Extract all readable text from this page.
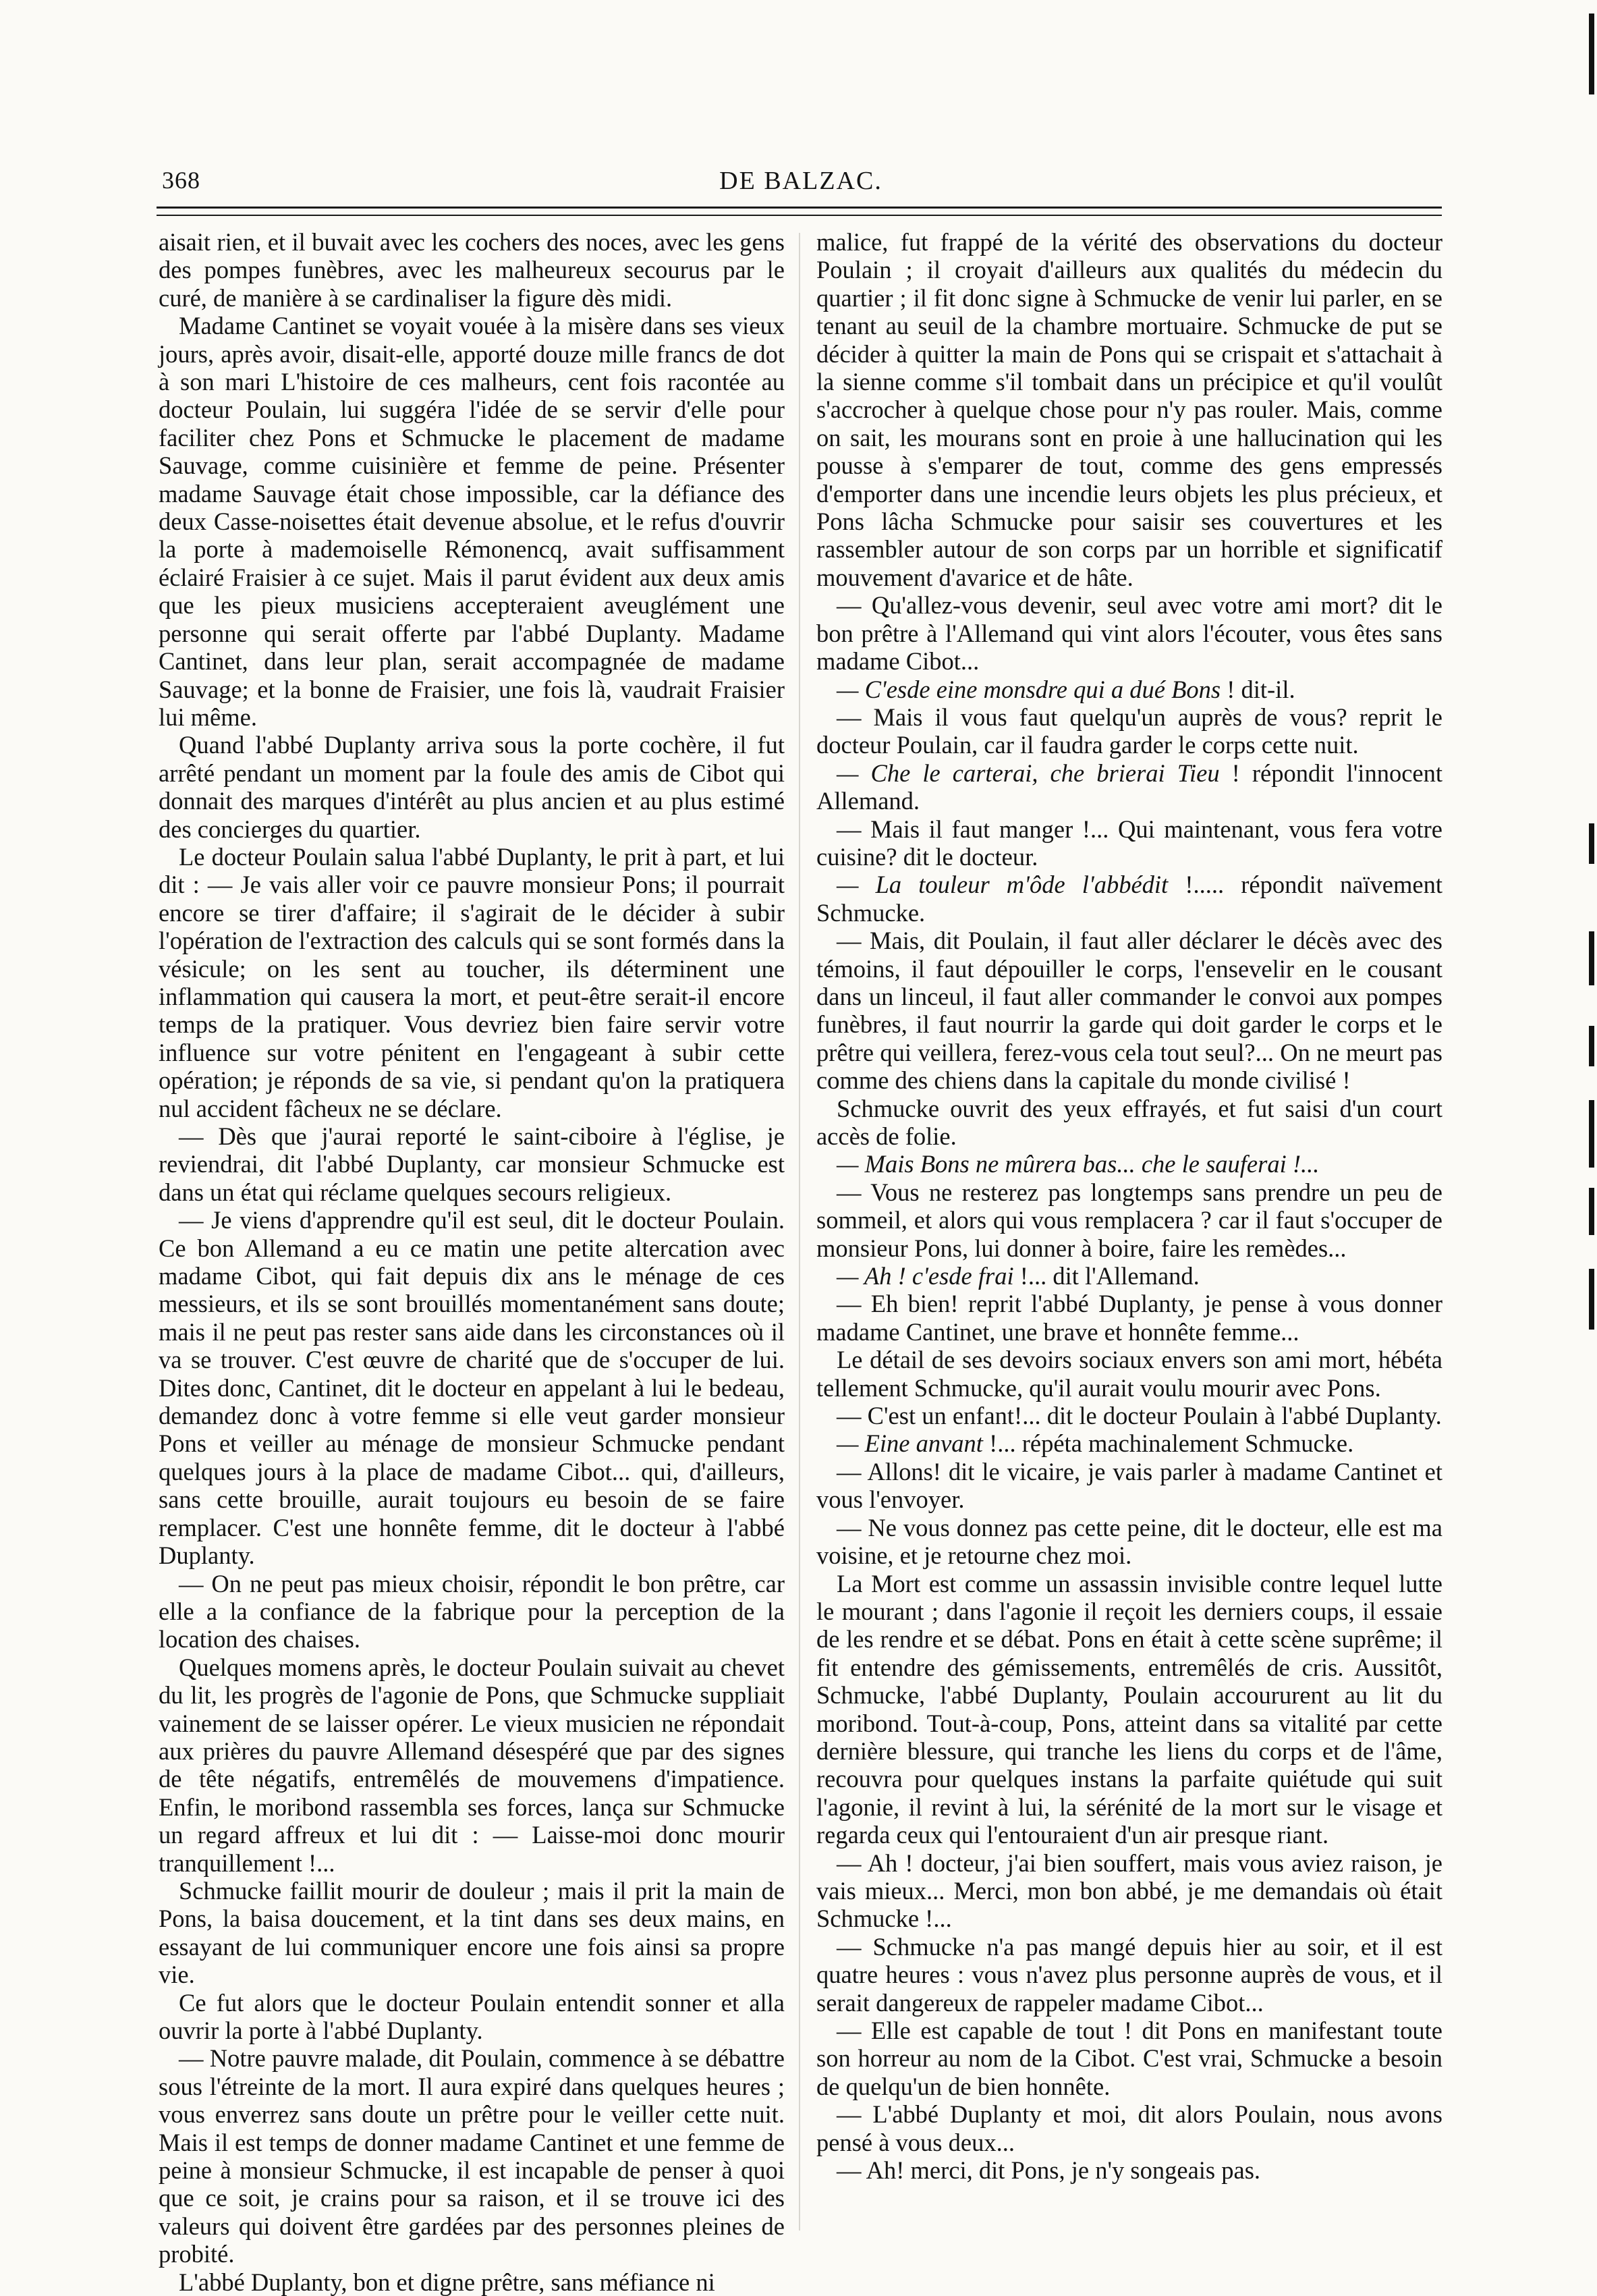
368	DE BALZAC.

aisait rien, et il buvait avec les cochers des noces, avec les gens des pompes funèbres, avec les malheureux secourus par le curé, de manière à se cardinaliser la figure dès midi.

Madame Cantinet se voyait vouée à la misère dans ses vieux jours, après avoir, disait-elle, apporté douze mille francs de dot à son mari L'histoire de ces malheurs, cent fois racontée au docteur Poulain, lui suggéra l'idée de se servir d'elle pour faciliter chez Pons et Schmucke le placement de madame Sauvage, comme cuisinière et femme de peine. Présenter madame Sauvage était chose impossible, car la défiance des deux Casse-noisettes était devenue absolue, et le refus d'ouvrir la porte à mademoiselle Rémonencq, avait suffisamment éclairé Fraisier à ce sujet. Mais il parut évident aux deux amis que les pieux musiciens accepteraient aveuglément une personne qui serait offerte par l'abbé Duplanty. Madame Cantinet, dans leur plan, serait accompagnée de madame Sauvage; et la bonne de Fraisier, une fois là, vaudrait Fraisier lui même.

Quand l'abbé Duplanty arriva sous la porte cochère, il fut arrêté pendant un moment par la foule des amis de Cibot qui donnait des marques d'intérêt au plus ancien et au plus estimé des concierges du quartier.

Le docteur Poulain salua l'abbé Duplanty, le prit à part, et lui dit : — Je vais aller voir ce pauvre monsieur Pons; il pourrait encore se tirer d'affaire; il s'agirait de le décider à subir l'opération de l'extraction des calculs qui se sont formés dans la vésicule; on les sent au toucher, ils déterminent une inflammation qui causera la mort, et peut-être serait-il encore temps de la pratiquer. Vous devriez bien faire servir votre influence sur votre pénitent en l'engageant à subir cette opération; je réponds de sa vie, si pendant qu'on la pratiquera nul accident fâcheux ne se déclare.

— Dès que j'aurai reporté le saint-ciboire à l'église, je reviendrai, dit l'abbé Duplanty, car monsieur Schmucke est dans un état qui réclame quelques secours religieux.

— Je viens d'apprendre qu'il est seul, dit le docteur Poulain. Ce bon Allemand a eu ce matin une petite altercation avec madame Cibot, qui fait depuis dix ans le ménage de ces messieurs, et ils se sont brouillés momentanément sans doute; mais il ne peut pas rester sans aide dans les circonstances où il va se trouver. C'est œuvre de charité que de s'occuper de lui. Dites donc, Cantinet, dit le docteur en appelant à lui le bedeau, demandez donc à votre femme si elle veut garder monsieur Pons et veiller au ménage de monsieur Schmucke pendant quelques jours à la place de madame Cibot... qui, d'ailleurs, sans cette brouille, aurait toujours eu besoin de se faire remplacer. C'est une honnête femme, dit le docteur à l'abbé Duplanty.

— On ne peut pas mieux choisir, répondit le bon prêtre, car elle a la confiance de la fabrique pour la perception de la location des chaises.

Quelques momens après, le docteur Poulain suivait au chevet du lit, les progrès de l'agonie de Pons, que Schmucke suppliait vainement de se laisser opérer. Le vieux musicien ne répondait aux prières du pauvre Allemand désespéré que par des signes de tête négatifs, entremêlés de mouvemens d'impatience. Enfin, le moribond rassembla ses forces, lança sur Schmucke un regard affreux et lui dit : — Laisse-moi donc mourir tranquillement !...

Schmucke faillit mourir de douleur ; mais il prit la main de Pons, la baisa doucement, et la tint dans ses deux mains, en essayant de lui communiquer encore une fois ainsi sa propre vie.

Ce fut alors que le docteur Poulain entendit sonner et alla ouvrir la porte à l'abbé Duplanty.

— Notre pauvre malade, dit Poulain, commence à se débattre sous l'étreinte de la mort. Il aura expiré dans quelques heures ; vous enverrez sans doute un prêtre pour le veiller cette nuit. Mais il est temps de donner madame Cantinet et une femme de peine à monsieur Schmucke, il est incapable de penser à quoi que ce soit, je crains pour sa raison, et il se trouve ici des valeurs qui doivent être gardées par des personnes pleines de probité.

L'abbé Duplanty, bon et digne prêtre, sans méfiance ni

malice, fut frappé de la vérité des observations du docteur Poulain ; il croyait d'ailleurs aux qualités du médecin du quartier ; il fit donc signe à Schmucke de venir lui parler, en se tenant au seuil de la chambre mortuaire. Schmucke de put se décider à quitter la main de Pons qui se crispait et s'attachait à la sienne comme s'il tombait dans un précipice et qu'il voulût s'accrocher à quelque chose pour n'y pas rouler. Mais, comme on sait, les mourans sont en proie à une hallucination qui les pousse à s'emparer de tout, comme des gens empressés d'emporter dans une incendie leurs objets les plus précieux, et Pons lâcha Schmucke pour saisir ses couvertures et les rassembler autour de son corps par un horrible et significatif mouvement d'avarice et de hâte.

— Qu'allez-vous devenir, seul avec votre ami mort? dit le bon prêtre à l'Allemand qui vint alors l'écouter, vous êtes sans madame Cibot...

— C'esde eine monsdre qui a dué Bons ! dit-il.

— Mais il vous faut quelqu'un auprès de vous? reprit le docteur Poulain, car il faudra garder le corps cette nuit.

— Che le carterai, che brierai Tieu ! répondit l'innocent Allemand.

— Mais il faut manger !... Qui maintenant, vous fera votre cuisine? dit le docteur.

— La touleur m'ôde l'abbédit !..... répondit naïvement Schmucke.

— Mais, dit Poulain, il faut aller déclarer le décès avec des témoins, il faut dépouiller le corps, l'ensevelir en le cousant dans un linceul, il faut aller commander le convoi aux pompes funèbres, il faut nourrir la garde qui doit garder le corps et le prêtre qui veillera, ferez-vous cela tout seul?... On ne meurt pas comme des chiens dans la capitale du monde civilisé !

Schmucke ouvrit des yeux effrayés, et fut saisi d'un court accès de folie.

— Mais Bons ne mûrera bas... che le sauferai !...

— Vous ne resterez pas longtemps sans prendre un peu de sommeil, et alors qui vous remplacera ? car il faut s'occuper de monsieur Pons, lui donner à boire, faire les remèdes...

— Ah ! c'esde frai !... dit l'Allemand.

— Eh bien! reprit l'abbé Duplanty, je pense à vous donner madame Cantinet, une brave et honnête femme...

Le détail de ses devoirs sociaux envers son ami mort, hébéta tellement Schmucke, qu'il aurait voulu mourir avec Pons.

— C'est un enfant!... dit le docteur Poulain à l'abbé Duplanty.

— Eine anvant !... répéta machinalement Schmucke.

— Allons! dit le vicaire, je vais parler à madame Cantinet et vous l'envoyer.

— Ne vous donnez pas cette peine, dit le docteur, elle est ma voisine, et je retourne chez moi.

La Mort est comme un assassin invisible contre lequel lutte le mourant ; dans l'agonie il reçoit les derniers coups, il essaie de les rendre et se débat. Pons en était à cette scène suprême; il fit entendre des gémissements, entremêlés de cris. Aussitôt, Schmucke, l'abbé Duplanty, Poulain accoururent au lit du moribond. Tout-à-coup, Pons, atteint dans sa vitalité par cette dernière blessure, qui tranche les liens du corps et de l'âme, recouvra pour quelques instans la parfaite quiétude qui suit l'agonie, il revint à lui, la sérénité de la mort sur le visage et regarda ceux qui l'entouraient d'un air presque riant.

— Ah ! docteur, j'ai bien souffert, mais vous aviez raison, je vais mieux... Merci, mon bon abbé, je me demandais où était Schmucke !...

— Schmucke n'a pas mangé depuis hier au soir, et il est quatre heures : vous n'avez plus personne auprès de vous, et il serait dangereux de rappeler madame Cibot...

— Elle est capable de tout ! dit Pons en manifestant toute son horreur au nom de la Cibot. C'est vrai, Schmucke a besoin de quelqu'un de bien honnête.

— L'abbé Duplanty et moi, dit alors Poulain, nous avons pensé à vous deux...

— Ah! merci, dit Pons, je n'y songeais pas.
